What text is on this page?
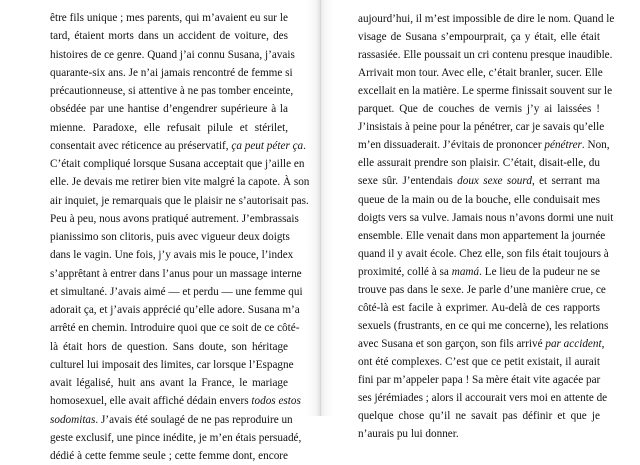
être fils unique ; mes parents, qui m’avaient eu sur le
tard, étaient morts dans un accident de voiture, des
histoires de ce genre. Quand j’ai connu Susana, j’avais
quarante-six ans. Je n’ai jamais rencontré de femme si
précautionneuse, si attentive à ne pas tomber enceinte,
obsédée par une hantise d’engendrer supérieure à la
mienne. Paradoxe, elle refusait pilule et stérilet,
consentait avec réticence au préservatif, ça peut péter ça.
C’était compliqué lorsque Susana acceptait que j’aille en
elle. Je devais me retirer bien vite malgré la capote. À son
air inquiet, je remarquais que le plaisir ne s’autorisait pas.
Peu à peu, nous avons pratiqué autrement. J’embrassais
pianissimo son clitoris, puis avec vigueur deux doigts
dans le vagin. Une fois, j’y avais mis le pouce, l’index
s’apprêtant à entrer dans l’anus pour un massage interne
et simultané. J’avais aimé — et perdu — une femme qui
adorait ça, et j’avais apprécié qu’elle adore. Susana m’a
arrêté en chemin. Introduire quoi que ce soit de ce côté-
là était hors de question. Sans doute, son héritage
culturel lui imposait des limites, car lorsque l’Espagne
avait légalisé, huit ans avant la France, le mariage
homosexuel, elle avait affiché dédain envers todos estos
sodomitas. J’avais été soulagé de ne pas reproduire un
geste exclusif, une pince inédite, je m’en étais persuadé,
dédié à cette femme seule ; cette femme dont, encore
aujourd’hui, il m’est impossible de dire le nom. Quand le
visage de Susana s’empourprait, ça y était, elle était
rassasiée. Elle poussait un cri contenu presque inaudible.
Arrivait mon tour. Avec elle, c’était branler, sucer. Elle
excellait en la matière. Le sperme finissait souvent sur le
parquet. Que de couches de vernis j’y ai laissées !
J’insistais à peine pour la pénétrer, car je savais qu’elle
m’en dissuaderait. J’évitais de prononcer pénétrer. Non,
elle assurait prendre son plaisir. C’était, disait-elle, du
sexe sûr. J’entendais doux sexe sourd, et serrant ma
queue de la main ou de la bouche, elle conduisait mes
doigts vers sa vulve. Jamais nous n’avons dormi une nuit
ensemble. Elle venait dans mon appartement la journée
quand il y avait école. Chez elle, son fils était toujours à
proximité, collé à sa mamá. Le lieu de la pudeur ne se
trouve pas dans le sexe. Je parle d’une manière crue, ce
côté-là est facile à exprimer. Au-delà de ces rapports
sexuels (frustrants, en ce qui me concerne), les relations
avec Susana et son garçon, son fils arrivé par accident,
ont été complexes. C’est que ce petit existait, il aurait
fini par m’appeler papa ! Sa mère était vite agacée par
ses jérémiades ; alors il accourait vers moi en attente de
quelque chose qu’il ne savait pas définir et que je
n’aurais pu lui donner.
